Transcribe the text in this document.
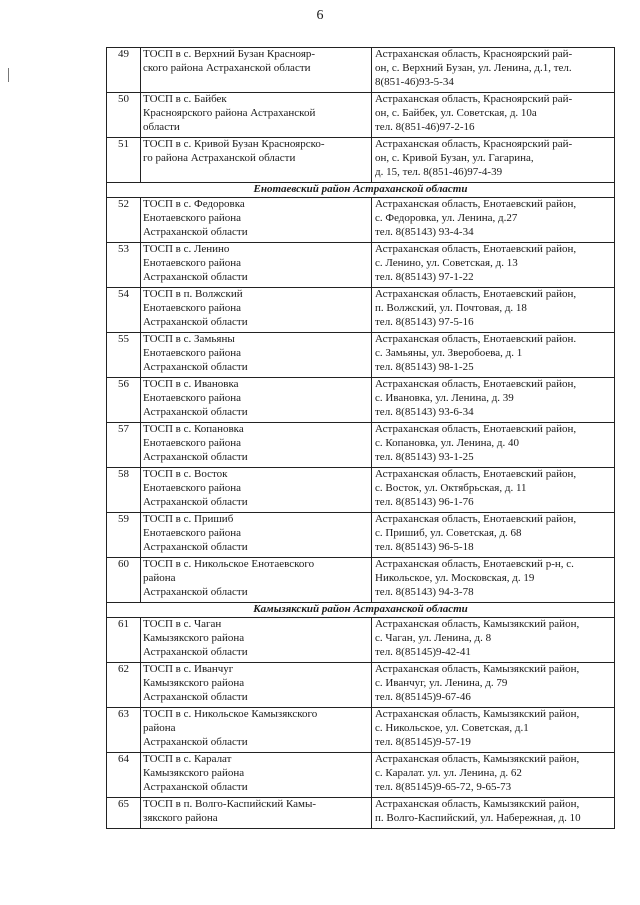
6
49	ТОСП в с. Верхний Бузан Краснояр-
ского района Астраханской области	Астраханская область, Красноярский рай-
он, с. Верхний Бузан, ул. Ленина, д.1, тел.
8(851-46)93-5-34

50	ТОСП в с. Байбек
Красноярского района Астраханской
области	Астраханская область, Красноярский рай-
он, с. Байбек, ул. Советская, д. 10а
тел. 8(851-46)97-2-16

51	ТОСП в с. Кривой Бузан Красноярско-
го района Астраханской области	Астраханская область, Красноярский рай-
он, с. Кривой Бузан, ул. Гагарина,
д. 15, тел. 8(851-46)97-4-39

Енотаевский район Астраханской области		
52	ТОСП в с. Федоровка
Енотаевского района
Астраханской области	Астраханская область, Енотаевский район,
с. Федоровка, ул. Ленина, д.27
тел. 8(85143) 93-4-34

53	ТОСП в с. Ленино
Енотаевского района
Астраханской области	Астраханская область, Енотаевский район,
с. Ленино, ул. Советская, д. 13
тел. 8(85143) 97-1-22

54	ТОСП в п. Волжский
Енотаевского района
Астраханской области	Астраханская область, Енотаевский район,
п. Волжский, ул. Почтовая, д. 18
тел. 8(85143) 97-5-16

55	ТОСП в с. Замьяны
Енотаевского района
Астраханской области	Астраханская область, Енотаевский район.
с. Замьяны, ул. Зверобоева, д. 1
тел. 8(85143) 98-1-25

56	ТОСП в с. Ивановка
Енотаевского района
Астраханской области	Астраханская область, Енотаевский район,
с. Ивановка, ул. Ленина, д. 39
тел. 8(85143) 93-6-34

57	ТОСП в с. Копановка
Енотаевского района
Астраханской области	Астраханская область, Енотаевский район,
с. Копановка, ул. Ленина, д. 40
тел. 8(85143) 93-1-25

58	ТОСП в с. Восток
Енотаевского района
Астраханской области	Астраханская область, Енотаевский район,
с. Восток, ул. Октябрьская, д. 11
тел. 8(85143) 96-1-76

59	ТОСП в с. Пришиб
Енотаевского района
Астраханской области	Астраханская область, Енотаевский район,
с. Пришиб, ул. Советская, д. 68
тел. 8(85143) 96-5-18

60	ТОСП в с. Никольское Енотаевского
района
Астраханской области	Астраханская область, Енотаевский р-н, с.
Никольское, ул. Московская, д. 19
тел. 8(85143) 94-3-78

Камызякский район Астраханской области		
61	ТОСП в с. Чаган
Камызякского района
Астраханской области	Астраханская область, Камызякский район,
с. Чаган, ул. Ленина, д. 8
тел. 8(85145)9-42-41

62	ТОСП в с. Иванчуг
Камызякского района
Астраханской области	Астраханская область, Камызякский район,
с. Иванчуг, ул. Ленина, д. 79
тел. 8(85145)9-67-46

63	ТОСП в с. Никольское Камызякского
района
Астраханской области	Астраханская область, Камызякский район,
с. Никольское, ул. Советская, д.1
тел. 8(85145)9-57-19

64	ТОСП в с. Каралат
Камызякского района
Астраханской области	Астраханская область, Камызякский район,
с. Каралат. ул. ул. Ленина, д. 62
тел. 8(85145)9-65-72, 9-65-73

65	ТОСП в п. Волго-Каспийский Камы-
зякского района	Астраханская область, Камызякский район,
п. Волго-Каспийский, ул. Набережная, д. 10
